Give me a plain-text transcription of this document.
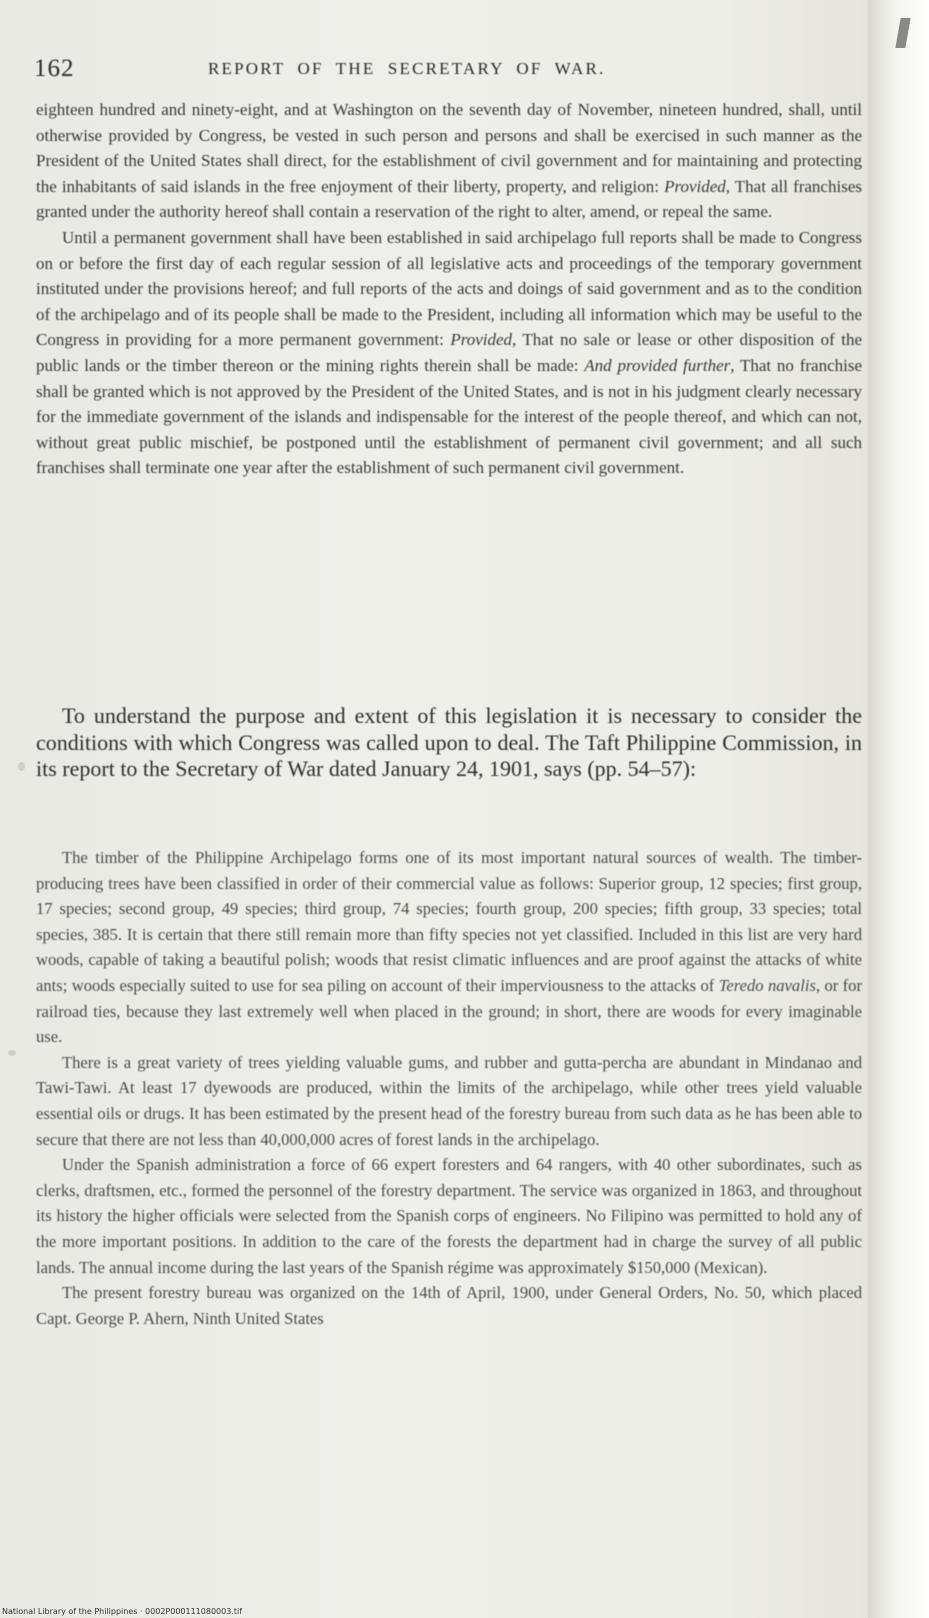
162	REPORT OF THE SECRETARY OF WAR.

eighteen hundred and ninety-eight, and at Washington on the seventh day of November, nineteen hundred, shall, until otherwise provided by Congress, be vested in such person and persons and shall be exercised in such manner as the President of the United States shall direct, for the establishment of civil government and for maintaining and protecting the inhabitants of said islands in the free enjoyment of their liberty, property, and religion: Provided, That all franchises granted under the authority hereof shall contain a reservation of the right to alter, amend, or repeal the same.

Until a permanent government shall have been established in said archipelago full reports shall be made to Congress on or before the first day of each regular session of all legislative acts and proceedings of the temporary government instituted under the provisions hereof; and full reports of the acts and doings of said government and as to the condition of the archipelago and of its people shall be made to the President, including all information which may be useful to the Congress in providing for a more permanent government: Provided, That no sale or lease or other disposition of the public lands or the timber thereon or the mining rights therein shall be made: And provided further, That no franchise shall be granted which is not approved by the President of the United States, and is not in his judgment clearly necessary for the immediate government of the islands and indispensable for the interest of the people thereof, and which can not, without great public mischief, be postponed until the establishment of permanent civil government; and all such franchises shall terminate one year after the establishment of such permanent civil government.

To understand the purpose and extent of this legislation it is necessary to consider the conditions with which Congress was called upon to deal. The Taft Philippine Commission, in its report to the Secretary of War dated January 24, 1901, says (pp. 54–57):

The timber of the Philippine Archipelago forms one of its most important natural sources of wealth. The timber-producing trees have been classified in order of their commercial value as follows: Superior group, 12 species; first group, 17 species; second group, 49 species; third group, 74 species; fourth group, 200 species; fifth group, 33 species; total species, 385. It is certain that there still remain more than fifty species not yet classified. Included in this list are very hard woods, capable of taking a beautiful polish; woods that resist climatic influences and are proof against the attacks of white ants; woods especially suited to use for sea piling on account of their imperviousness to the attacks of Teredo navalis, or for railroad ties, because they last extremely well when placed in the ground; in short, there are woods for every imaginable use.

There is a great variety of trees yielding valuable gums, and rubber and gutta-percha are abundant in Mindanao and Tawi-Tawi. At least 17 dyewoods are produced, within the limits of the archipelago, while other trees yield valuable essential oils or drugs. It has been estimated by the present head of the forestry bureau from such data as he has been able to secure that there are not less than 40,000,000 acres of forest lands in the archipelago.

Under the Spanish administration a force of 66 expert foresters and 64 rangers, with 40 other subordinates, such as clerks, draftsmen, etc., formed the personnel of the forestry department. The service was organized in 1863, and throughout its history the higher officials were selected from the Spanish corps of engineers. No Filipino was permitted to hold any of the more important positions. In addition to the care of the forests the department had in charge the survey of all public lands. The annual income during the last years of the Spanish régime was approximately $150,000 (Mexican).

The present forestry bureau was organized on the 14th of April, 1900, under General Orders, No. 50, which placed Capt. George P. Ahern, Ninth United States

National Library of the Philippines · 0002P000111080003.tif
